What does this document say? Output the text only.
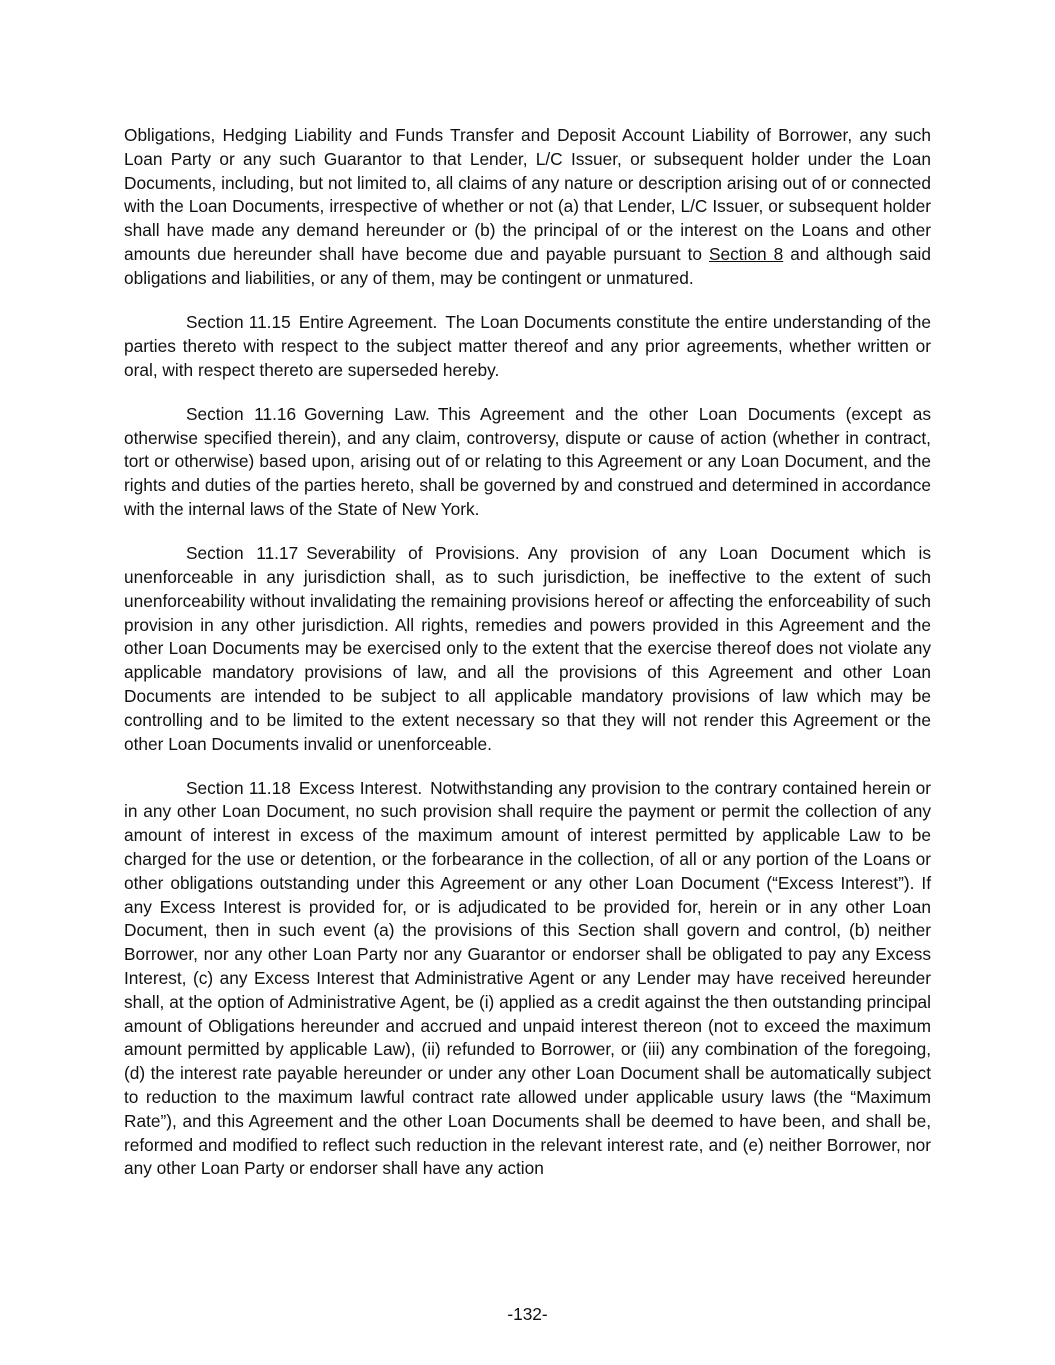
Obligations, Hedging Liability and Funds Transfer and Deposit Account Liability of Borrower, any such Loan Party or any such Guarantor to that Lender, L/C Issuer, or subsequent holder under the Loan Documents, including, but not limited to, all claims of any nature or description arising out of or connected with the Loan Documents, irrespective of whether or not (a) that Lender, L/C Issuer, or subsequent holder shall have made any demand hereunder or (b) the principal of or the interest on the Loans and other amounts due hereunder shall have become due and payable pursuant to Section 8 and although said obligations and liabilities, or any of them, may be contingent or unmatured.

Section 11.15 Entire Agreement. The Loan Documents constitute the entire understanding of the parties thereto with respect to the subject matter thereof and any prior agreements, whether written or oral, with respect thereto are superseded hereby.

Section 11.16 Governing Law. This Agreement and the other Loan Documents (except as otherwise specified therein), and any claim, controversy, dispute or cause of action (whether in contract, tort or otherwise) based upon, arising out of or relating to this Agreement or any Loan Document, and the rights and duties of the parties hereto, shall be governed by and construed and determined in accordance with the internal laws of the State of New York.

Section 11.17 Severability of Provisions. Any provision of any Loan Document which is unenforceable in any jurisdiction shall, as to such jurisdiction, be ineffective to the extent of such unenforceability without invalidating the remaining provisions hereof or affecting the enforceability of such provision in any other jurisdiction. All rights, remedies and powers provided in this Agreement and the other Loan Documents may be exercised only to the extent that the exercise thereof does not violate any applicable mandatory provisions of law, and all the provisions of this Agreement and other Loan Documents are intended to be subject to all applicable mandatory provisions of law which may be controlling and to be limited to the extent necessary so that they will not render this Agreement or the other Loan Documents invalid or unenforceable.

Section 11.18 Excess Interest. Notwithstanding any provision to the contrary contained herein or in any other Loan Document, no such provision shall require the payment or permit the collection of any amount of interest in excess of the maximum amount of interest permitted by applicable Law to be charged for the use or detention, or the forbearance in the collection, of all or any portion of the Loans or other obligations outstanding under this Agreement or any other Loan Document (“Excess Interest”). If any Excess Interest is provided for, or is adjudicated to be provided for, herein or in any other Loan Document, then in such event (a) the provisions of this Section shall govern and control, (b) neither Borrower, nor any other Loan Party nor any Guarantor or endorser shall be obligated to pay any Excess Interest, (c) any Excess Interest that Administrative Agent or any Lender may have received hereunder shall, at the option of Administrative Agent, be (i) applied as a credit against the then outstanding principal amount of Obligations hereunder and accrued and unpaid interest thereon (not to exceed the maximum amount permitted by applicable Law), (ii) refunded to Borrower, or (iii) any combination of the foregoing, (d) the interest rate payable hereunder or under any other Loan Document shall be automatically subject to reduction to the maximum lawful contract rate allowed under applicable usury laws (the “Maximum Rate”), and this Agreement and the other Loan Documents shall be deemed to have been, and shall be, reformed and modified to reflect such reduction in the relevant interest rate, and (e) neither Borrower, nor any other Loan Party or endorser shall have any action

-132-
